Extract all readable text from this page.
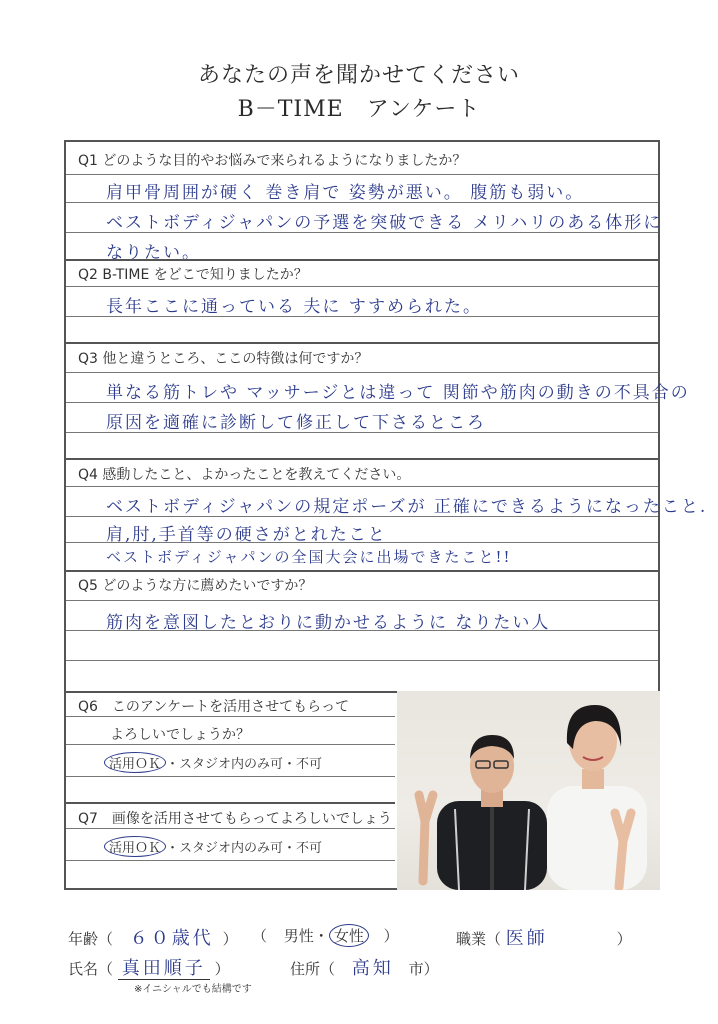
あなたの声を聞かせてください
B－TIME　アンケート
Q1 どのような目的やお悩みで来られるようになりましたか？
肩甲骨周囲が硬く 巻き肩で 姿勢が悪い。 腹筋も弱い。
ベストボディジャパンの予選を突破できる メリハリのある体形に
なりたい。
Q2 B-TIME をどこで知りましたか？
長年ここに通っている 夫に すすめられた。
Q3 他と違うところ、ここの特徴は何ですか？
単なる筋トレや マッサージとは違って 関節や筋肉の動きの不具合の
原因を適確に診断して修正して下さるところ
Q4 感動したこと、よかったことを教えてください。
ベストボディジャパンの規定ポーズが 正確にできるようになったこと.
肩,肘,手首等の硬さがとれたこと
ベストボディジャパンの全国大会に出場できたこと!!
Q5 どのような方に薦めたいですか？
筋肉を意図したとおりに動かせるように なりたい人
Q6　このアンケートを活用させてもらって
よろしいでしょうか？
活用ＯＫ ・スタジオ内のみ可・不可
Q7　画像を活用させてもらってよろしいでしょう
活用ＯＫ ・スタジオ内のみ可・不可
年齢（ ６０歳代 ） （ 男性・ 女性 ）	職業（ 医師	）
氏名（ 真田順子 ）	住所（ 高知 市）
※イニシャルでも結構です
